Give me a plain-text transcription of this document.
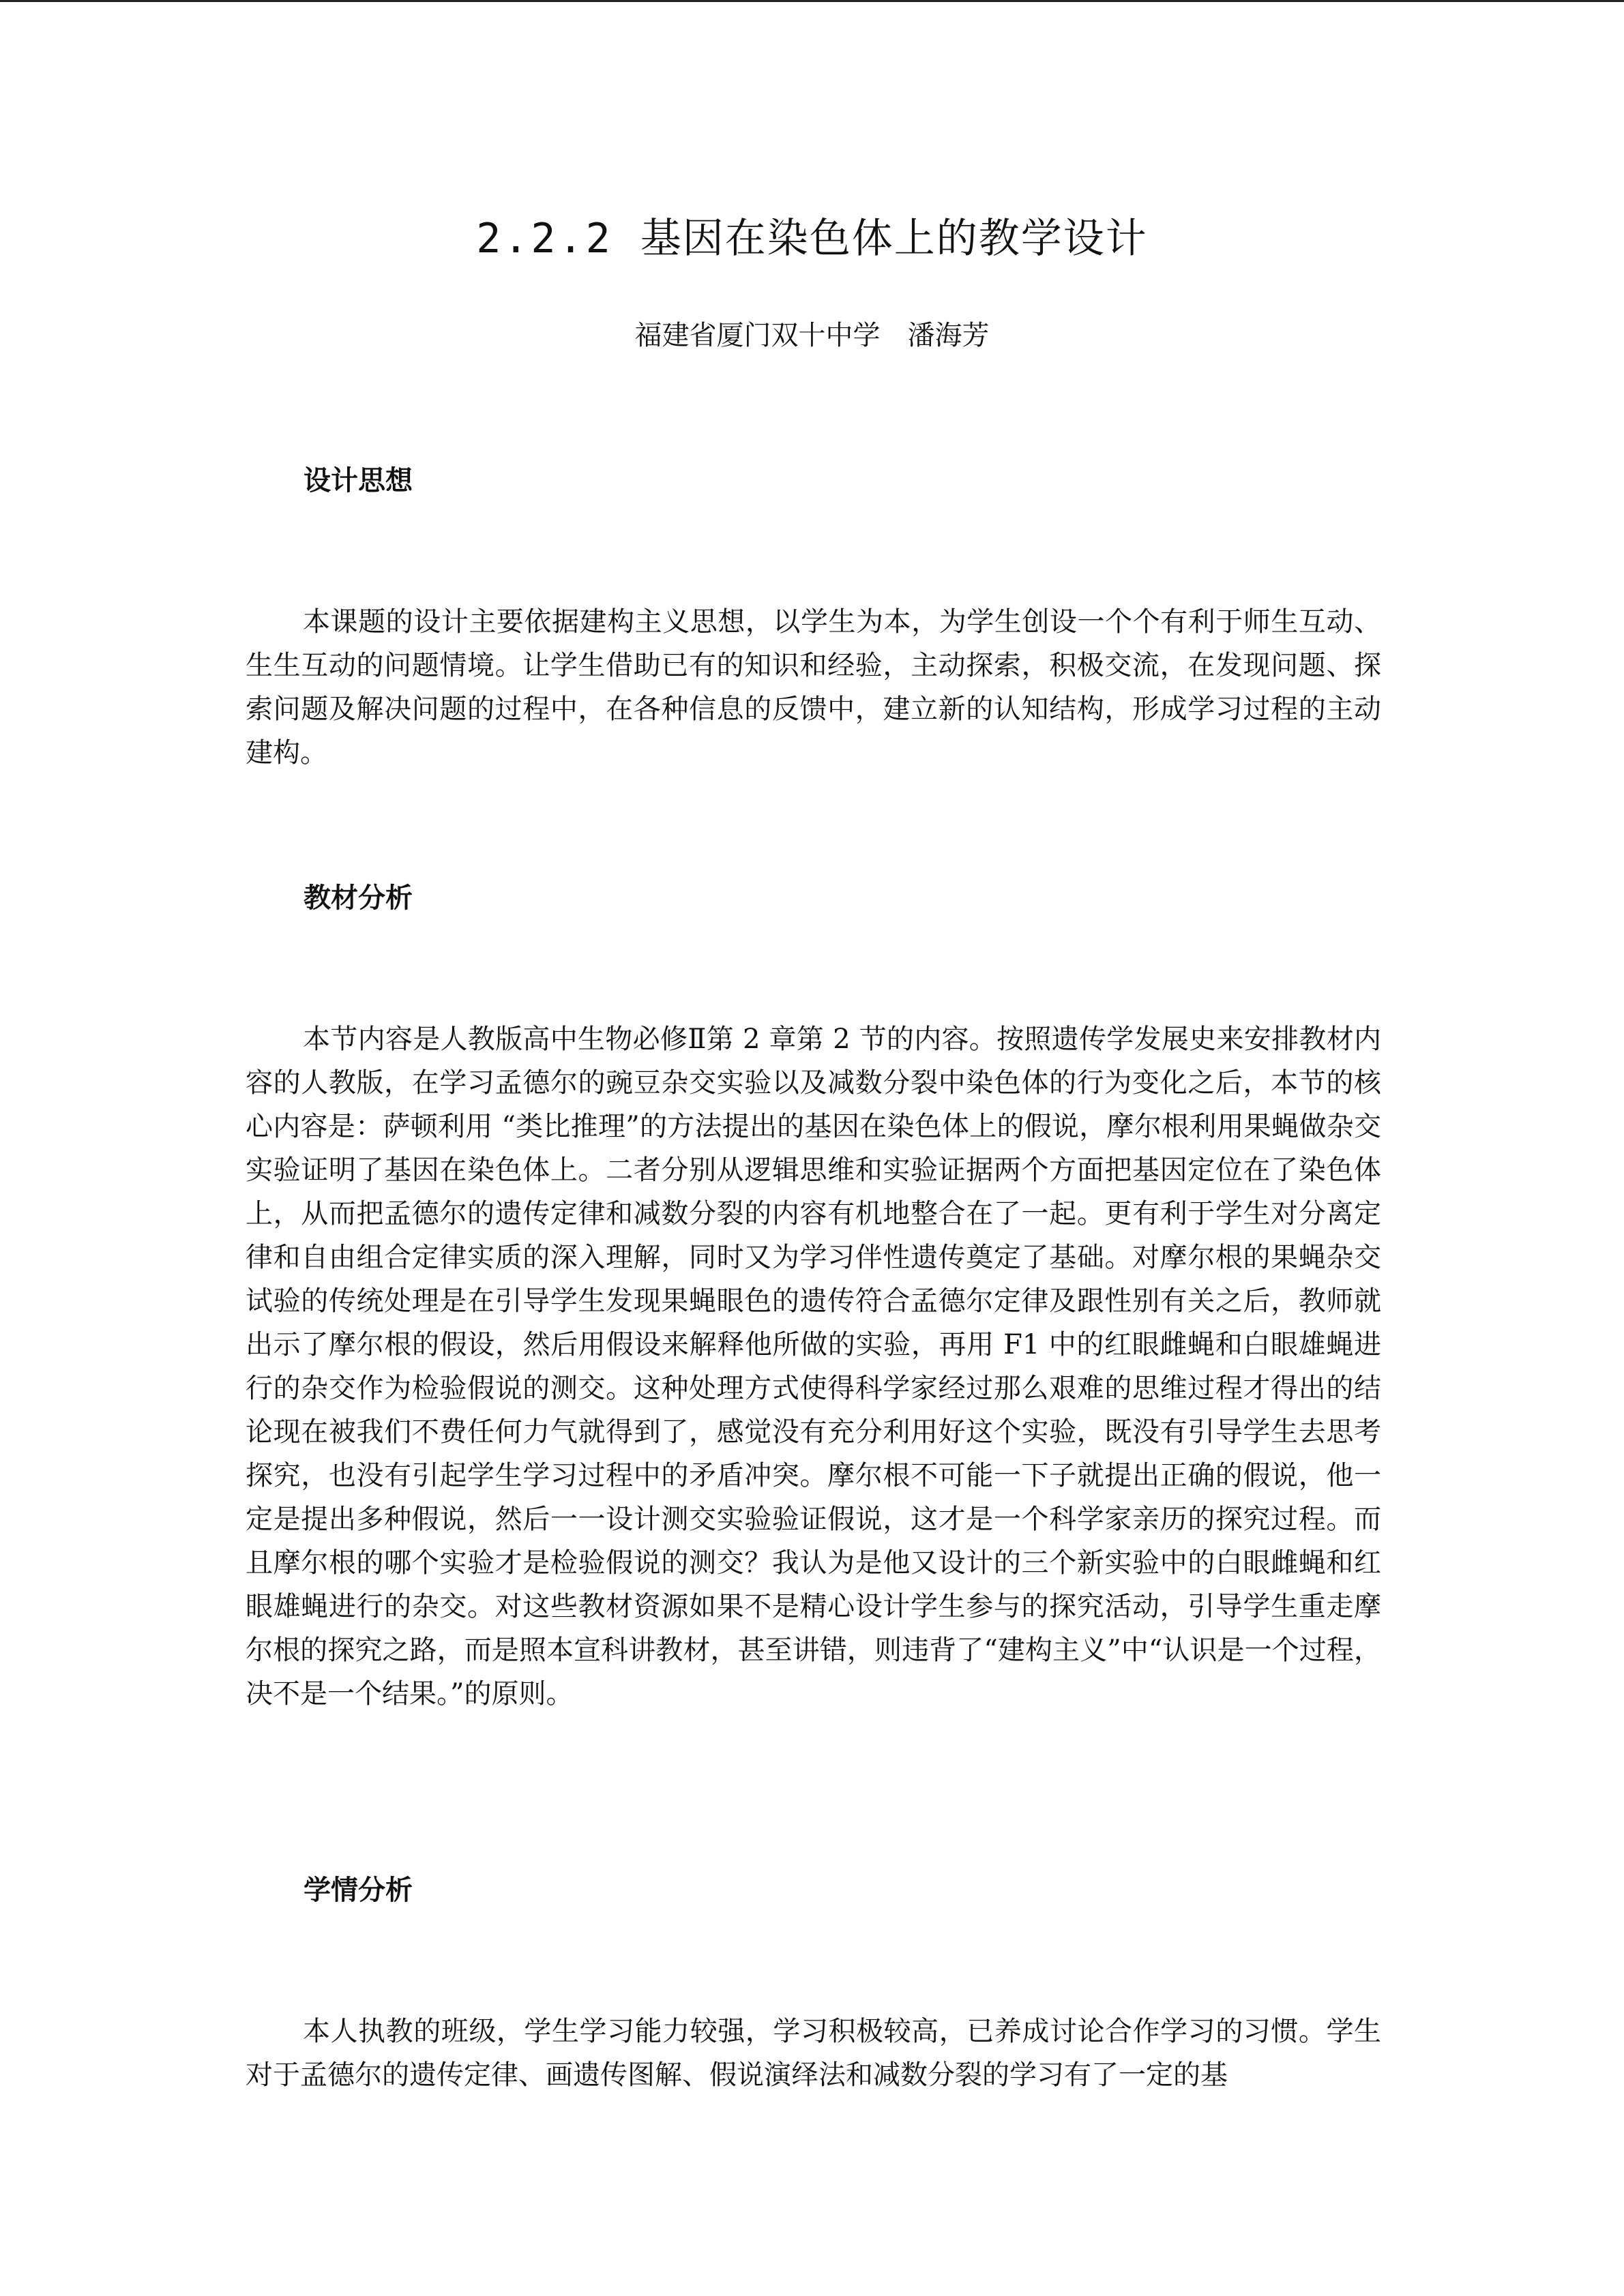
2.2.2 基因在染色体上的教学设计

福建省厦门双十中学 潘海芳

设计思想

本课题的设计主要依据建构主义思想，以学生为本，为学生创设一个个有利于师生互动、生生互动的问题情境。让学生借助已有的知识和经验，主动探索，积极交流，在发现问题、探索问题及解决问题的过程中，在各种信息的反馈中，建立新的认知结构，形成学习过程的主动建构。

教材分析

本节内容是人教版高中生物必修Ⅱ第 2 章第 2 节的内容。按照遗传学发展史来安排教材内容的人教版，在学习孟德尔的豌豆杂交实验以及减数分裂中染色体的行为变化之后，本节的核心内容是：萨顿利用 “类比推理”的方法提出的基因在染色体上的假说，摩尔根利用果蝇做杂交实验证明了基因在染色体上。二者分别从逻辑思维和实验证据两个方面把基因定位在了染色体上，从而把孟德尔的遗传定律和减数分裂的内容有机地整合在了一起。更有利于学生对分离定律和自由组合定律实质的深入理解，同时又为学习伴性遗传奠定了基础。对摩尔根的果蝇杂交试验的传统处理是在引导学生发现果蝇眼色的遗传符合孟德尔定律及跟性别有关之后，教师就出示了摩尔根的假设，然后用假设来解释他所做的实验，再用 F1 中的红眼雌蝇和白眼雄蝇进行的杂交作为检验假说的测交。这种处理方式使得科学家经过那么艰难的思维过程才得出的结论现在被我们不费任何力气就得到了，感觉没有充分利用好这个实验，既没有引导学生去思考探究，也没有引起学生学习过程中的矛盾冲突。摩尔根不可能一下子就提出正确的假说，他一定是提出多种假说，然后一一设计测交实验验证假说，这才是一个科学家亲历的探究过程。而且摩尔根的哪个实验才是检验假说的测交？我认为是他又设计的三个新实验中的白眼雌蝇和红眼雄蝇进行的杂交。对这些教材资源如果不是精心设计学生参与的探究活动，引导学生重走摩尔根的探究之路，而是照本宣科讲教材，甚至讲错，则违背了“建构主义”中“认识是一个过程，决不是一个结果。”的原则。

学情分析

本人执教的班级，学生学习能力较强，学习积极较高，已养成讨论合作学习的习惯。学生对于孟德尔的遗传定律、画遗传图解、假说演绎法和减数分裂的学习有了一定的基
